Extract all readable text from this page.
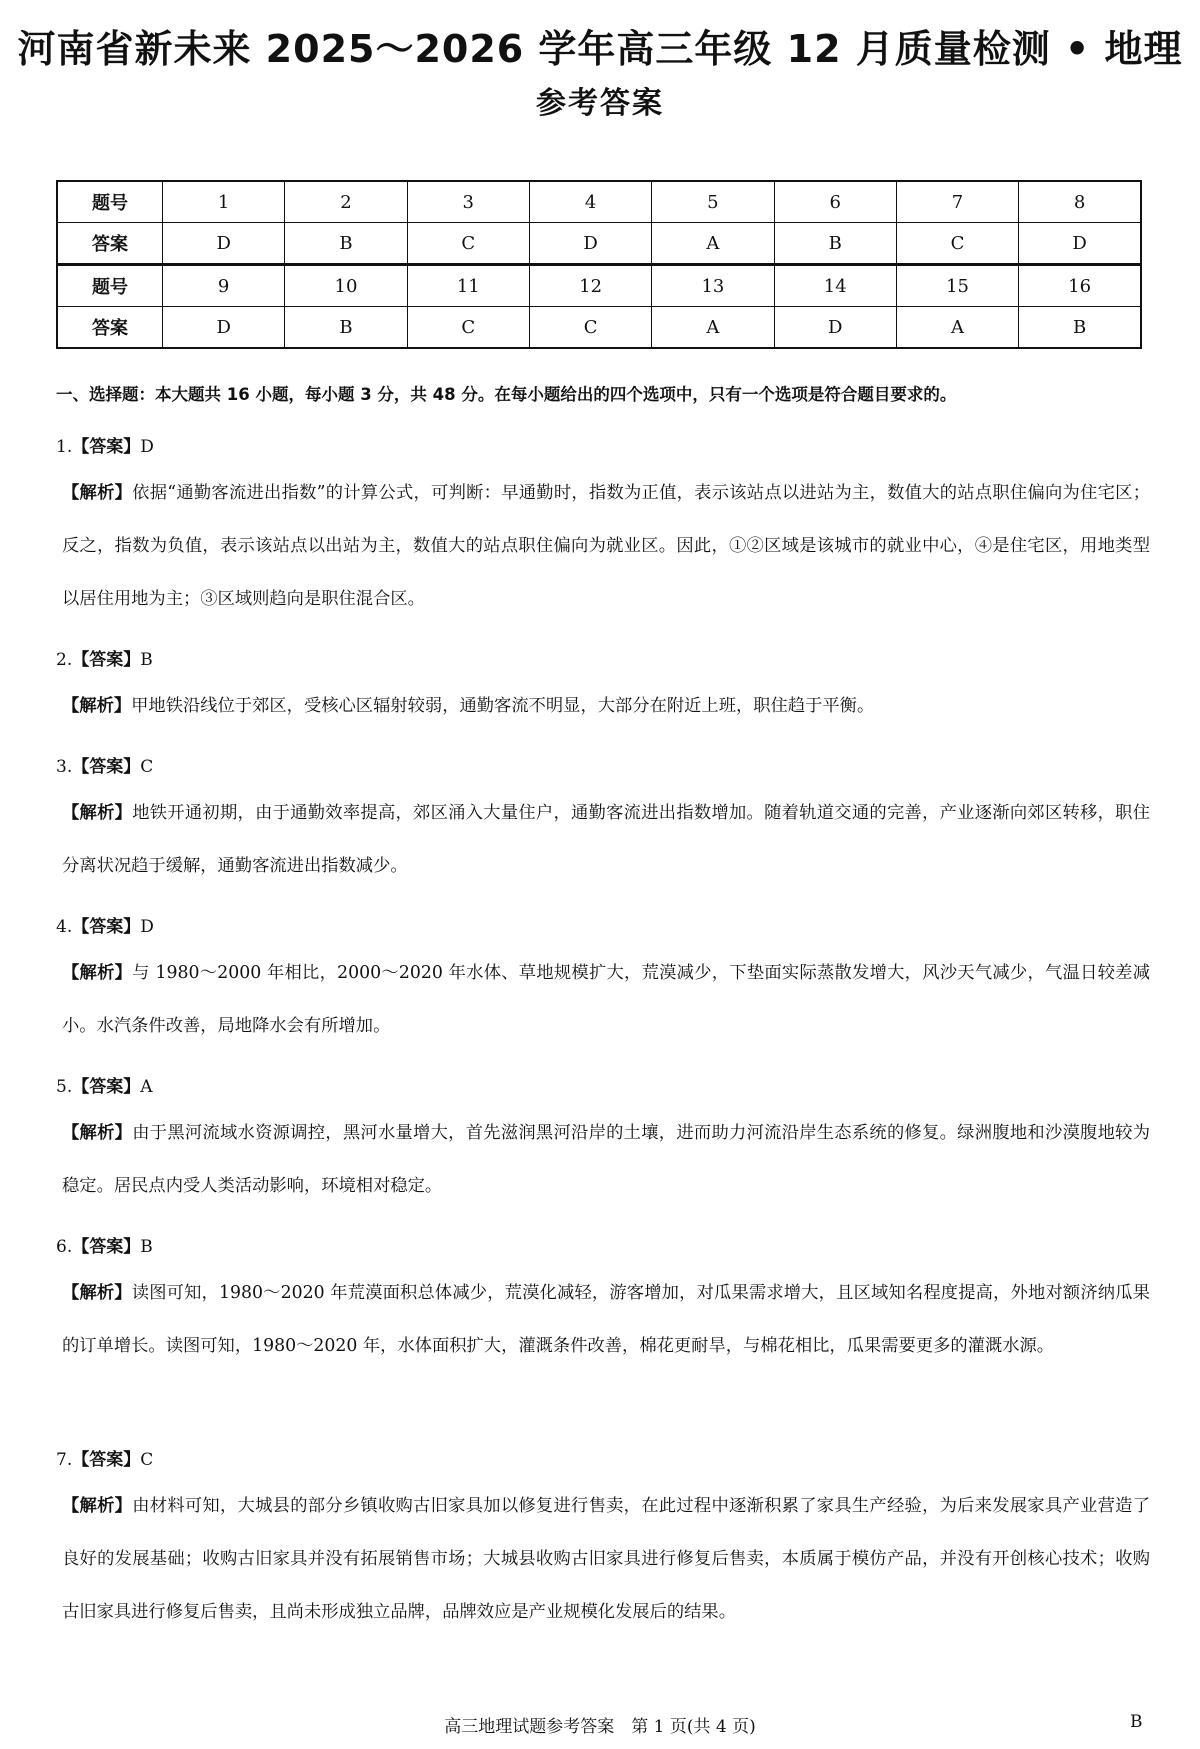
河南省新未来 2025～2026 学年高三年级 12 月质量检测 • 地理
参考答案
题号	1	2	3	4	5	6	7	8
答案	D	B	C	D	A	B	C	D
题号	9	10	11	12	13	14	15	16
答案	D	B	C	C	A	D	A	B
一、选择题：本大题共 16 小题，每小题 3 分，共 48 分。在每小题给出的四个选项中，只有一个选项是符合题目要求的。
1.【答案】D

【解析】依据“通勤客流进出指数”的计算公式，可判断：早通勤时，指数为正值，表示该站点以进站为主，数值大的站点职住偏向为住宅区；反之，指数为负值，表示该站点以出站为主，数值大的站点职住偏向为就业区。因此，①②区域是该城市的就业中心，④是住宅区，用地类型以居住用地为主；③区域则趋向是职住混合区。

2.【答案】B

【解析】甲地铁沿线位于郊区，受核心区辐射较弱，通勤客流不明显，大部分在附近上班，职住趋于平衡。

3.【答案】C

【解析】地铁开通初期，由于通勤效率提高，郊区涌入大量住户，通勤客流进出指数增加。随着轨道交通的完善，产业逐渐向郊区转移，职住分离状况趋于缓解，通勤客流进出指数减少。

4.【答案】D

【解析】与 1980～2000 年相比，2000～2020 年水体、草地规模扩大，荒漠减少，下垫面实际蒸散发增大，风沙天气减少，气温日较差减小。水汽条件改善，局地降水会有所增加。

5.【答案】A

【解析】由于黑河流域水资源调控，黑河水量增大，首先滋润黑河沿岸的土壤，进而助力河流沿岸生态系统的修复。绿洲腹地和沙漠腹地较为稳定。居民点内受人类活动影响，环境相对稳定。

6.【答案】B

【解析】读图可知，1980～2020 年荒漠面积总体减少，荒漠化减轻，游客增加，对瓜果需求增大，且区域知名程度提高，外地对额济纳瓜果的订单增长。读图可知，1980～2020 年，水体面积扩大，灌溉条件改善，棉花更耐旱，与棉花相比，瓜果需要更多的灌溉水源。

7.【答案】C

【解析】由材料可知，大城县的部分乡镇收购古旧家具加以修复进行售卖，在此过程中逐渐积累了家具生产经验，为后来发展家具产业营造了良好的发展基础；收购古旧家具并没有拓展销售市场；大城县收购古旧家具进行修复后售卖，本质属于模仿产品，并没有开创核心技术；收购古旧家具进行修复后售卖，且尚未形成独立品牌，品牌效应是产业规模化发展后的结果。

高三地理试题参考答案　第 1 页(共 4 页)	B
